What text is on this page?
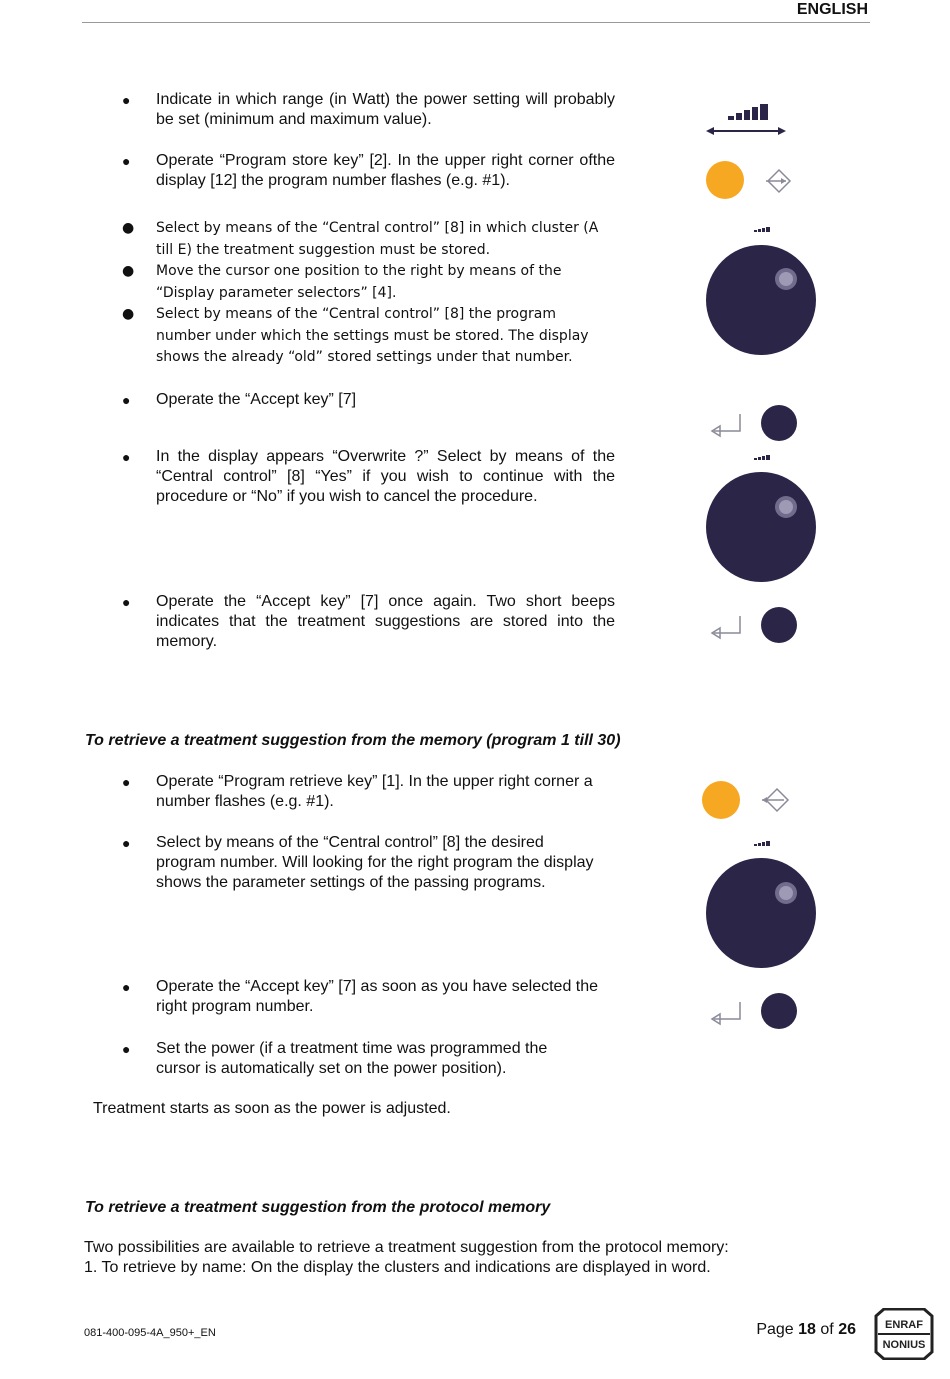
ENGLISH
● Indicate in which range (in Watt) the power setting will probably be set (minimum and maximum value).
● Operate “Program store key” [2]. In the upper right corner ofthe display [12] the program number flashes (e.g. #1).
● Select by means of the “Central control” [8] in which cluster (A till E) the treatment suggestion must be stored.
● Move the cursor one position to the right by means of the “Display parameter selectors” [4].
● Select by means of the “Central control” [8] the program number under which the settings must be stored. The display shows the already “old” stored settings under that number.
● Operate the “Accept key” [7]
● In the display appears “Overwrite ?” Select by means of the “Central control” [8] “Yes” if you wish to continue with the procedure or “No” if you wish to cancel the procedure.
● Operate the “Accept key” [7] once again. Two short beeps indicates that the treatment suggestions are stored into the memory.
To retrieve a treatment suggestion from the memory (program 1 till 30)
● Operate “Program retrieve key” [1]. In the upper right corner a number flashes (e.g. #1).
● Select by means of the “Central control” [8] the desired program number. Will looking for the right program the display shows the parameter settings of the passing programs.
● Operate the “Accept key” [7] as soon as you have selected the right program number.
● Set the power (if a treatment time was programmed the cursor is automatically set on the power position).
Treatment starts as soon as the power is adjusted.
To retrieve a treatment suggestion from the protocol memory
Two possibilities are available to retrieve a treatment suggestion from the protocol memory:
1. To retrieve by name: On the display the clusters and indications are displayed in word.
081-400-095-4A_950+_EN	Page 18 of 26	ENRAF
NONIUS
